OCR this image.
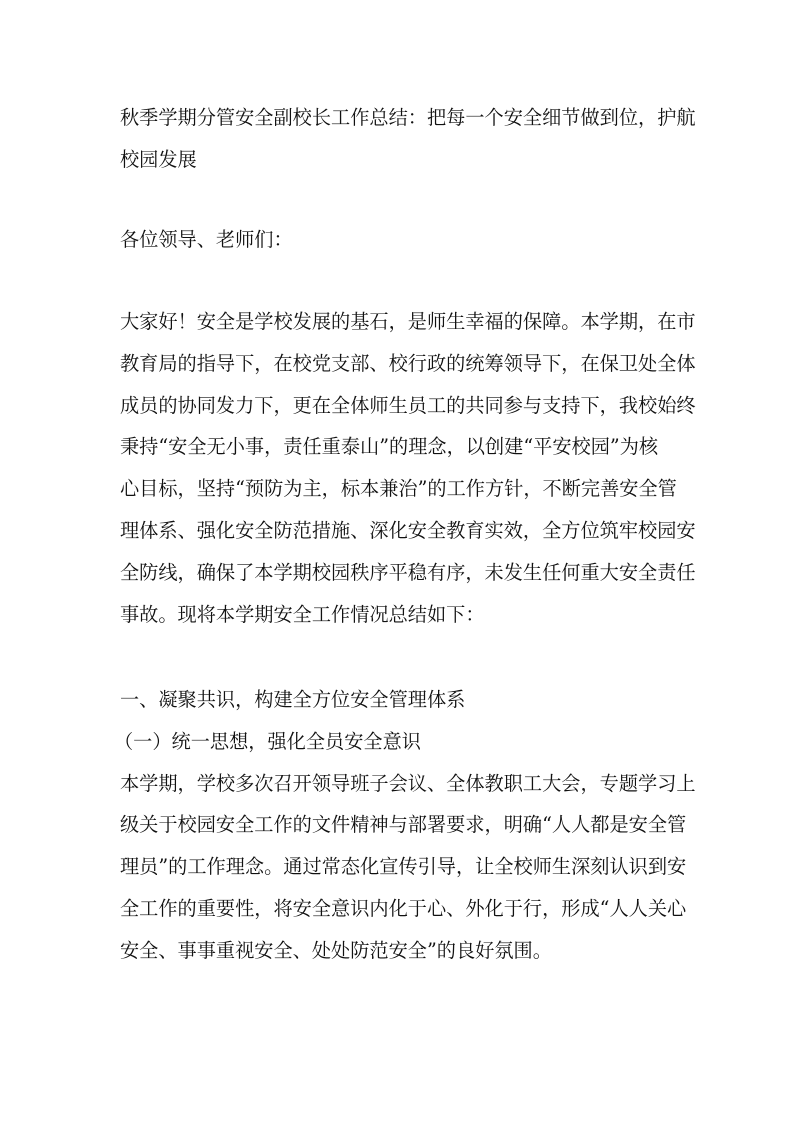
秋季学期分管安全副校长工作总结：把每一个安全细节做到位，护航
校园发展
各位领导、老师们：
大家好！安全是学校发展的基石，是师生幸福的保障。本学期，在市
教育局的指导下，在校党支部、校行政的统筹领导下，在保卫处全体
成员的协同发力下，更在全体师生员工的共同参与支持下，我校始终
秉持“安全无小事，责任重泰山”的理念，以创建“平安校园”为核
心目标，坚持“预防为主，标本兼治”的工作方针，不断完善安全管
理体系、强化安全防范措施、深化安全教育实效，全方位筑牢校园安
全防线，确保了本学期校园秩序平稳有序，未发生任何重大安全责任
事故。现将本学期安全工作情况总结如下：
一、凝聚共识，构建全方位安全管理体系
（一）统一思想，强化全员安全意识
本学期，学校多次召开领导班子会议、全体教职工大会，专题学习上
级关于校园安全工作的文件精神与部署要求，明确“人人都是安全管
理员”的工作理念。通过常态化宣传引导，让全校师生深刻认识到安
全工作的重要性，将安全意识内化于心、外化于行，形成“人人关心
安全、事事重视安全、处处防范安全”的良好氛围。
